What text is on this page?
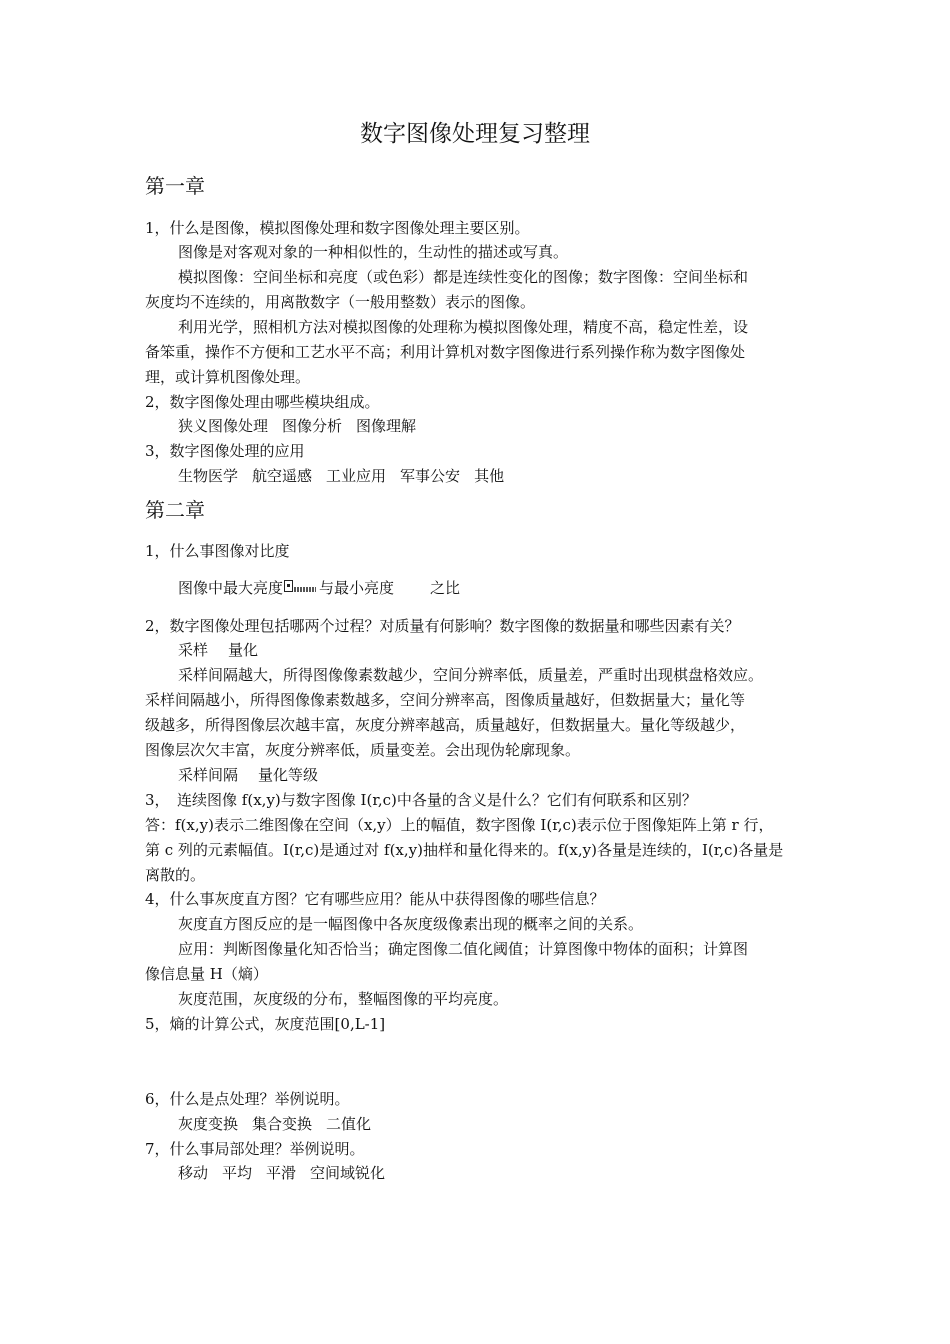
数字图像处理复习整理
第一章
1，什么是图像，模拟图像处理和数字图像处理主要区别。
图像是对客观对象的一种相似性的，生动性的描述或写真。
模拟图像：空间坐标和亮度（或色彩）都是连续性变化的图像；数字图像：空间坐标和
灰度均不连续的，用离散数字（一般用整数）表示的图像。
利用光学，照相机方法对模拟图像的处理称为模拟图像处理，精度不高，稳定性差，设
备笨重，操作不方便和工艺水平不高；利用计算机对数字图像进行系列操作称为数字图像处
理，或计算机图像处理。
2，数字图像处理由哪些模块组成。
狭义图像处理 图像分析 图像理解
3，数字图像处理的应用
生物医学 航空遥感 工业应用 军事公安 其他
第二章
1，什么事图像对比度
图像中最大亮度 与最小亮度 之比
2，数字图像处理包括哪两个过程？对质量有何影响？数字图像的数据量和哪些因素有关？
采样 量化
采样间隔越大，所得图像像素数越少，空间分辨率低，质量差，严重时出现棋盘格效应。
采样间隔越小，所得图像像素数越多，空间分辨率高，图像质量越好，但数据量大；量化等
级越多，所得图像层次越丰富，灰度分辨率越高，质量越好，但数据量大。量化等级越少，
图像层次欠丰富，灰度分辨率低，质量变差。会出现伪轮廓现象。
采样间隔 量化等级
3，　连续图像 f(x,y)与数字图像 I(r,c)中各量的含义是什么？它们有何联系和区别？
答：f(x,y)表示二维图像在空间（x,y）上的幅值，数字图像 I(r,c)表示位于图像矩阵上第 r 行，
第 c 列的元素幅值。I(r,c)是通过对 f(x,y)抽样和量化得来的。f(x,y)各量是连续的，I(r,c)各量是
离散的。
4，什么事灰度直方图？它有哪些应用？能从中获得图像的哪些信息？
灰度直方图反应的是一幅图像中各灰度级像素出现的概率之间的关系。
应用：判断图像量化知否恰当；确定图像二值化阈值；计算图像中物体的面积；计算图
像信息量 H（熵）
灰度范围，灰度级的分布，整幅图像的平均亮度。
5，熵的计算公式，灰度范围[0,L-1]
6，什么是点处理？举例说明。
灰度变换 集合变换 二值化
7，什么事局部处理？举例说明。
移动 平均 平滑 空间域锐化
